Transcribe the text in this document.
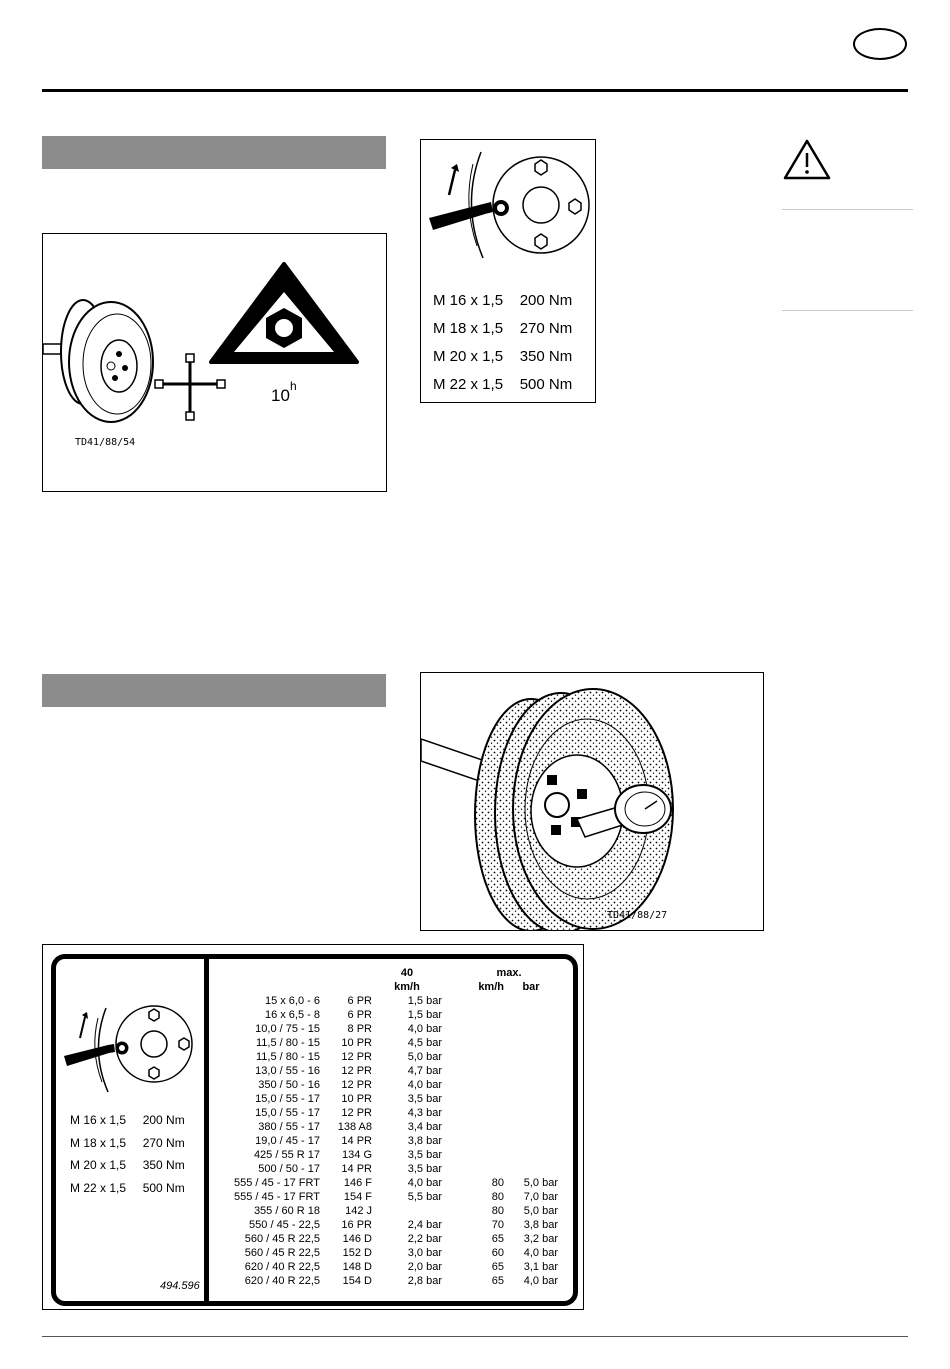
10 h
TD41/88/54
M 16 x 1,5 200 Nm
M 18 x 1,5 270 Nm
M 20 x 1,5 350 Nm
M 22 x 1,5 500 Nm
TD41/88/27
M 16 x 1,5 200 Nm
M 18 x 1,5 270 Nm
M 20 x 1,5 350 Nm
M 22 x 1,5 500 Nm
494.596
		40	max.	
		km/h	km/h	bar
15 x 6,0 - 6	6 PR	1,5 bar		
16 x 6,5 - 8	6 PR	1,5 bar		
10,0 / 75 - 15	8 PR	4,0 bar		
11,5 / 80 - 15	10 PR	4,5 bar		
11,5 / 80 - 15	12 PR	5,0 bar		
13,0 / 55 - 16	12 PR	4,7 bar		
350 / 50 - 16	12 PR	4,0 bar		
15,0 / 55 - 17	10 PR	3,5 bar		
15,0 / 55 - 17	12 PR	4,3 bar		
380 / 55 - 17	138 A8	3,4 bar		
19,0 / 45 - 17	14 PR	3,8 bar		
425 / 55 R 17	134 G	3,5 bar		
500 / 50 - 17	14 PR	3,5 bar		
555 / 45 - 17 FRT	146 F	4,0 bar	80	5,0 bar
555 / 45 - 17 FRT	154 F	5,5 bar	80	7,0 bar
355 / 60 R 18	142 J		80	5,0 bar
550 / 45 - 22,5	16 PR	2,4 bar	70	3,8 bar
560 / 45 R 22,5	146 D	2,2 bar	65	3,2 bar
560 / 45 R 22,5	152 D	3,0 bar	60	4,0 bar
620 / 40 R 22,5	148 D	2,0 bar	65	3,1 bar
620 / 40 R 22,5	154 D	2,8 bar	65	4,0 bar
